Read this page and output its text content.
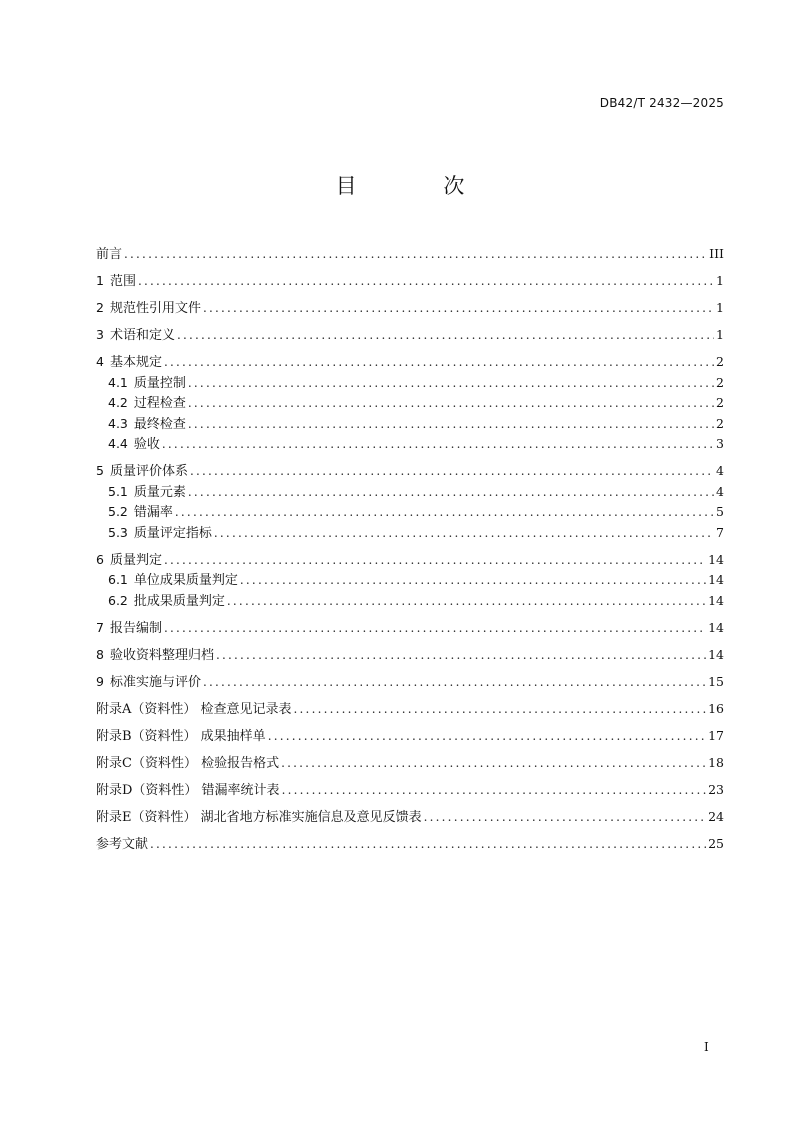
DB42/T 2432—2025
目 次
前言 .....	III
1 范围 .....	1
2 规范性引用文件 .....	1
3 术语和定义 .....	1
4 基本规定 .....	2
4.1 质量控制 .....	2
4.2 过程检查 .....	2
4.3 最终检查 .....	2
4.4 验收 .....	3
5 质量评价体系 .....	4
5.1 质量元素 .....	4
5.2 错漏率 .....	5
5.3 质量评定指标 .....	7
6 质量判定 .....	14
6.1 单位成果质量判定 .....	14
6.2 批成果质量判定 .....	14
7 报告编制 .....	14
8 验收资料整理归档 .....	14
9 标准实施与评价 .....	15
附录A（资料性） 检查意见记录表 .....	16
附录B（资料性） 成果抽样单 .....	17
附录C（资料性） 检验报告格式 .....	18
附录D（资料性） 错漏率统计表 .....	23
附录E（资料性） 湖北省地方标准实施信息及意见反馈表 .....	24
参考文献 .....	25
I
